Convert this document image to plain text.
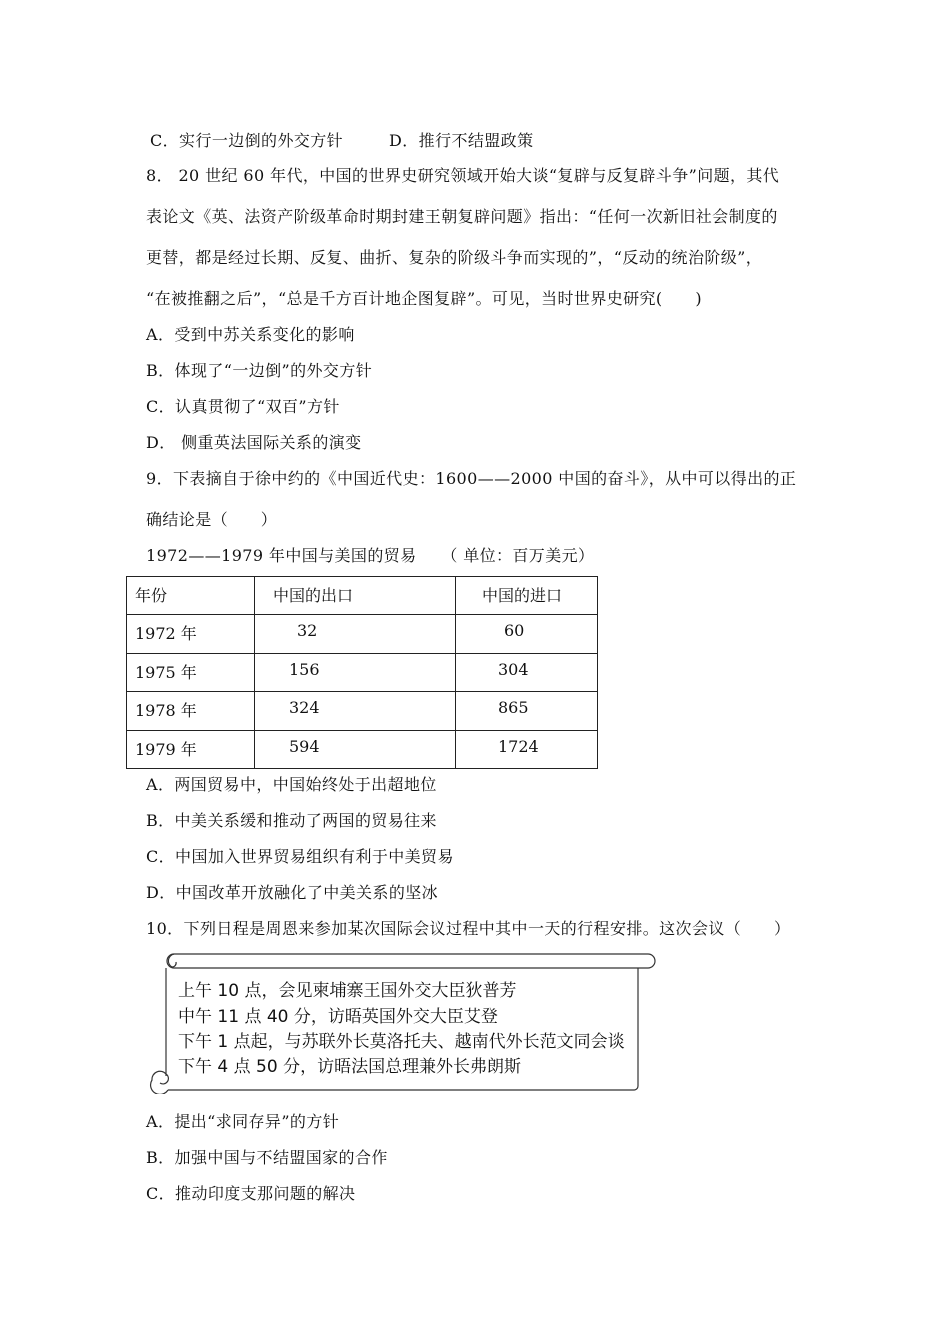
C．实行一边倒的外交方针	D．推行不结盟政策
8． 20 世纪 60 年代，中国的世界史研究领域开始大谈“复辟与反复辟斗争”问题，其代
表论文《英、法资产阶级革命时期封建王朝复辟问题》指出：“任何一次新旧社会制度的
更替，都是经过长期、反复、曲折、复杂的阶级斗争而实现的”，“反动的统治阶级”，
“在被推翻之后”，“总是千方百计地企图复辟”。可见，当时世界史研究(　　)
A．受到中苏关系变化的影响
B．体现了“一边倒”的外交方针
C．认真贯彻了“双百”方针
D． 侧重英法国际关系的演变
9．下表摘自于徐中约的《中国近代史：1600——2000 中国的奋斗》，从中可以得出的正
确结论是（　　）
1972——1979 年中国与美国的贸易　　（ 单位：百万美元）
年份	中国的出口	中国的进口
1972 年	32	60
1975 年	156	304
1978 年	324	865
1979 年	594	1724
A．两国贸易中，中国始终处于出超地位
B．中美关系缓和推动了两国的贸易往来
C．中国加入世界贸易组织有利于中美贸易
D．中国改革开放融化了中美关系的坚冰
10．下列日程是周恩来参加某次国际会议过程中其中一天的行程安排。这次会议（　　）
上午 10 点，会见柬埔寨王国外交大臣狄普芳
中午 11 点 40 分，访晤英国外交大臣艾登
下午 1 点起，与苏联外长莫洛托夫、越南代外长范文同会谈
下午 4 点 50 分，访晤法国总理兼外长弗朗斯
A．提出“求同存异”的方针
B．加强中国与不结盟国家的合作
C．推动印度支那问题的解决
